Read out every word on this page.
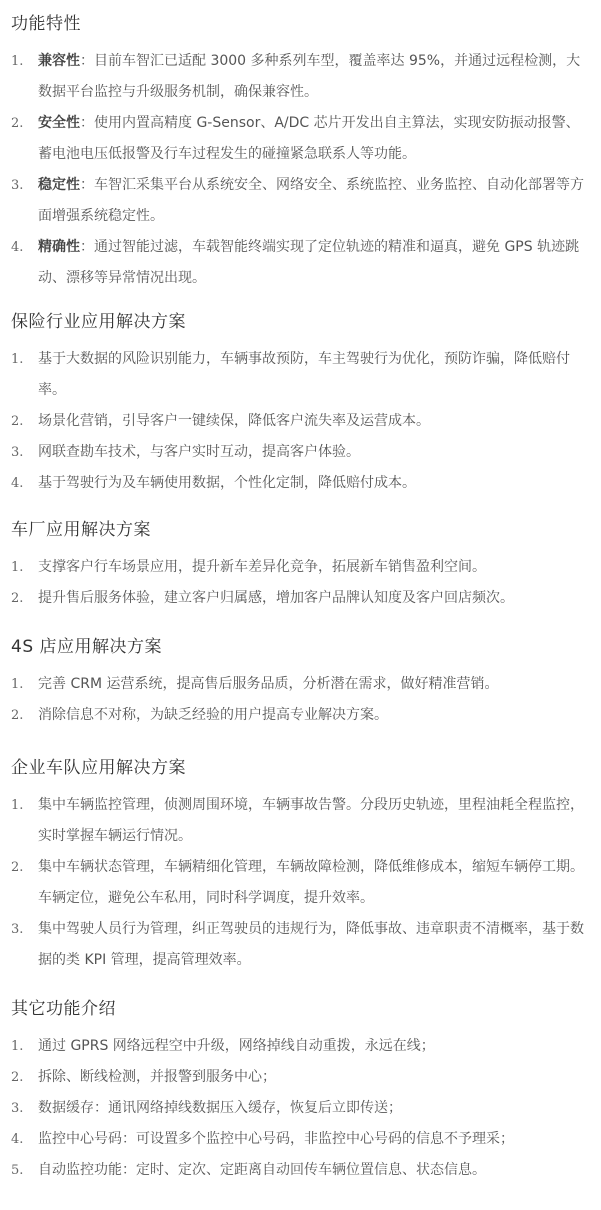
功能特性
1. 兼容性：目前车智汇已适配 3000 多种系列车型，覆盖率达 95%，并通过远程检测，大数据平台监控与升级服务机制，确保兼容性。
2. 安全性：使用内置高精度 G-Sensor、A/DC 芯片开发出自主算法，实现安防振动报警、蓄电池电压低报警及行车过程发生的碰撞紧急联系人等功能。
3. 稳定性：车智汇采集平台从系统安全、网络安全、系统监控、业务监控、自动化部署等方面增强系统稳定性。
4. 精确性：通过智能过滤，车载智能终端实现了定位轨迹的精准和逼真，避免 GPS 轨迹跳动、漂移等异常情况出现。
保险行业应用解决方案
1. 基于大数据的风险识别能力，车辆事故预防，车主驾驶行为优化，预防诈骗，降低赔付率。
2. 场景化营销，引导客户一键续保，降低客户流失率及运营成本。
3. 网联查勘车技术，与客户实时互动，提高客户体验。
4. 基于驾驶行为及车辆使用数据，个性化定制，降低赔付成本。
车厂应用解决方案
1. 支撑客户行车场景应用，提升新车差异化竞争，拓展新车销售盈利空间。
2. 提升售后服务体验，建立客户归属感，增加客户品牌认知度及客户回店频次。
4S 店应用解决方案
1. 完善 CRM 运营系统，提高售后服务品质，分析潜在需求，做好精准营销。
2. 消除信息不对称，为缺乏经验的用户提高专业解决方案。
企业车队应用解决方案
1. 集中车辆监控管理，侦测周围环境，车辆事故告警。分段历史轨迹，里程油耗全程监控，实时掌握车辆运行情况。
2. 集中车辆状态管理，车辆精细化管理，车辆故障检测，降低维修成本，缩短车辆停工期。车辆定位，避免公车私用，同时科学调度，提升效率。
3. 集中驾驶人员行为管理，纠正驾驶员的违规行为，降低事故、违章职责不清概率，基于数据的类 KPI 管理，提高管理效率。
其它功能介绍
1. 通过 GPRS 网络远程空中升级，网络掉线自动重拨，永远在线；
2. 拆除、断线检测，并报警到服务中心；
3. 数据缓存：通讯网络掉线数据压入缓存，恢复后立即传送；
4. 监控中心号码：可设置多个监控中心号码，非监控中心号码的信息不予理采；
5. 自动监控功能：定时、定次、定距离自动回传车辆位置信息、状态信息。
